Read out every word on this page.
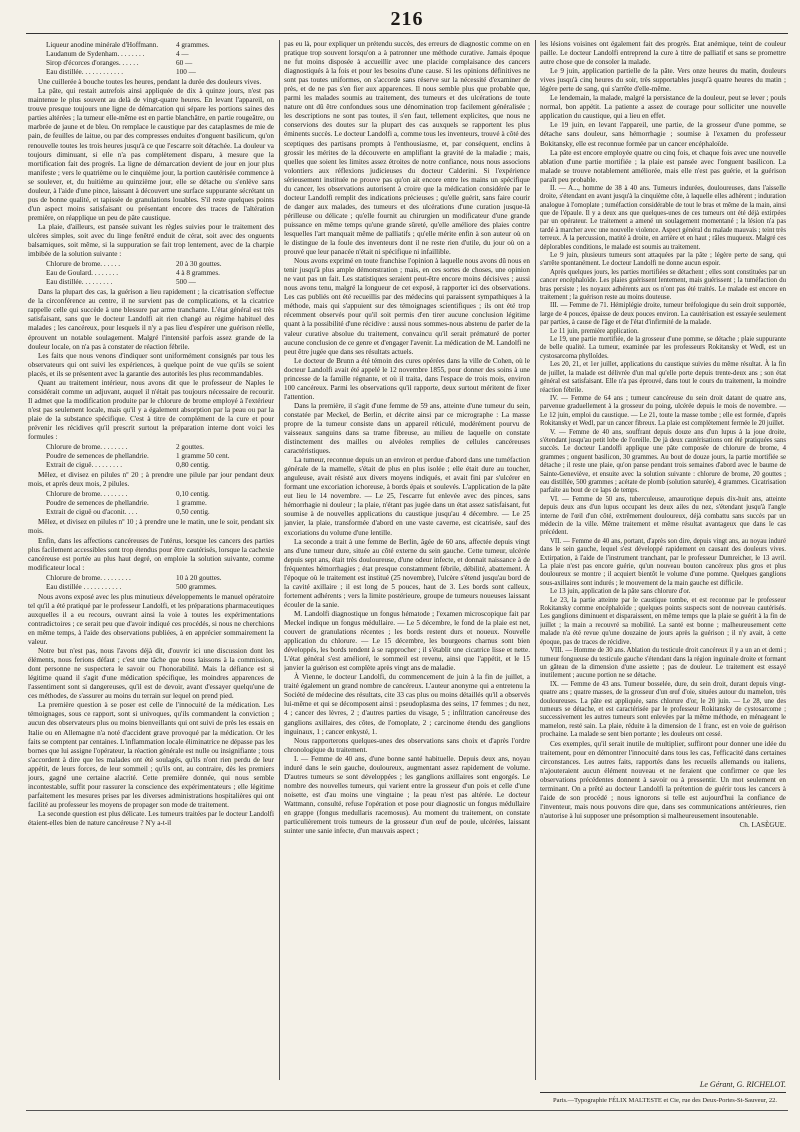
216
Liqueur anodine minérale d'Hoffmann. 4 grammes.
Laudanum de Sydenham. . . . . . . .	4 —
Sirop d'écorces d'oranges. . . . . .	60 —
Eau distillée. . . . . . . . . . . .	100 —

Une cuillerée à bouche toutes les heures, pendant la durée des douleurs vives.

La pâte, qui restait autrefois ainsi appliquée de dix à quinze jours, n'est pas maintenue le plus souvent au delà de vingt-quatre heures. En levant l'appareil, on trouve presque toujours une ligne de démarcation qui sépare les portions saines des parties altérées ; la tumeur elle-même est en partie blanchâtre, en partie rougeâtre, ou marbrée de jaune et de bleu. On remplace le caustique par des cataplasmes de mie de pain, de feuilles de laitue, ou par des compresses enduites d'onguent basilicum, qu'on renouvelle toutes les trois heures jusqu'à ce que l'escarre soit détachée. La douleur va toujours diminuant, si elle n'a pas complètement disparu, à mesure que la mortification fait des progrès. La ligne de démarcation devient de jour en jour plus manifeste ; vers le quatrième ou le cinquième jour, la portion cautérisée commence à se soulever, et, du huitième au quinzième jour, elle se détache ou s'enlève sans douleur, à l'aide d'une pince, laissant à découvert une surface suppurante sécrétant un pus de bonne qualité, et tapissée de granulations louables. S'il reste quelques points d'un aspect moins satisfaisant ou présentant encore des traces de l'altération première, on réapplique un peu de pâte caustique.

La plaie, d'ailleurs, est pansée suivant les règles suivies pour le traitement des ulcères simples, soit avec du linge fenêtré enduit de cérat, soit avec des onguents balsamiques, soit même, si la suppuration se fait trop lentement, avec de la charpie imbibée de la solution suivante :

Chlorure de brome. . . . . .	20 à 30 gouttes.
Eau de Goulard. . . . . . . .	4 à 8 grammes.
Eau distillée. . . . . . . . .	500 —

Dans la plupart des cas, la guérison a lieu rapidement ; la cicatrisation s'effectue de la circonférence au centre, il ne survient pas de complications, et la cicatrice rappelle celle qui succède à une blessure par arme tranchante. L'état général est très satisfaisant, sans que le docteur Landolfi ait rien changé au régime habituel des malades ; les cancéreux, pour lesquels il n'y a pas lieu d'espérer une guérison réelle, éprouvent un notable soulagement. Malgré l'intensité parfois assez grande de la douleur locale, on n'a pas à constater de réaction fébrile.

Les faits que nous venons d'indiquer sont uniformément consignés par tous les observateurs qui ont suivi les expériences, à quelque point de vue qu'ils se soient placés, et ils se présentent avec la garantie des autorités les plus recommandables.

Quant au traitement intérieur, nous avons dit que le professeur de Naples le considérait comme un adjuvant, auquel il n'était pas toujours nécessaire de recourir. Il admet que la modification produite par le chlorure de brome employé à l'extérieur n'est pas seulement locale, mais qu'il y a également absorption par la peau ou par la plaie de la substance spécifique. C'est à titre de complément de la cure et pour prévenir les récidives qu'il prescrit surtout la préparation interne dont voici les formules :

Chlorure de brome. . . . . . . .	2 gouttes.
Poudre de semences de phellandrie.	1 gramme 50 cent.
Extrait de ciguë. . . . . . . . .	0,80 centig.

Mêlez, et divisez en pilules nº 20 ; à prendre une pilule par jour pendant deux mois, et après deux mois, 2 pilules.

Chlorure de brome. . . . . . . .	0,10 centig.
Poudre de semences de phellandrie.	1 gramme.
Extrait de ciguë ou d'aconit. . . .	0,50 centig.

Mêlez, et divisez en pilules nº 10 ; à prendre une le matin, une le soir, pendant six mois.

Enfin, dans les affections cancéreuses de l'utérus, lorsque les cancers des parties plus facilement accessibles sont trop étendus pour être cautérisés, lorsque la cachexie cancéreuse est portée au plus haut degré, on emploie la solution suivante, comme modificateur local :

Chlorure de brome. . . . . . . . .	10 à 20 gouttes.
Eau distillée . . . . . . . . . . .	500 grammes.

Nous avons exposé avec les plus minutieux développements le manuel opératoire tel qu'il a été pratiqué par le professeur Landolfi, et les préparations pharmaceutiques auxquelles il a eu recours, ouvrant ainsi la voie à toutes les expérimentations contradictoires ; ce serait peu que d'avoir indiqué ces procédés, si nous ne cherchions en même temps, à l'aide des observations publiées, à en apprécier sommairement la valeur.

Notre but n'est pas, nous l'avons déjà dit, d'ouvrir ici une discussion dont les éléments, nous ferions défaut ; c'est une tâche que nous laissons à la commission, dont personne ne suspectera le savoir ou l'honorabilité. Mais la défiance est si légitime quand il s'agit d'une médication spécifique, les moindres apparences de l'assentiment sont si dangereuses, qu'il est de devoir, avant d'essayer quelqu'une de ces méthodes, de s'assurer au moins du terrain sur lequel on prend pied.

La première question à se poser est celle de l'innocuité de la médication. Les témoignages, sous ce rapport, sont si univoques, qu'ils commandent la conviction ; aucun des observateurs plus ou moins bienveillants qui ont suivi de près les essais en Italie ou en Allemagne n'a noté d'accident grave provoqué par la médication. Or les faits se comptent par centaines. L'inflammation locale éliminatrice ne dépasse pas les bornes que lui assigne l'opérateur, la réaction générale est nulle ou insignifiante ; tous s'accordent à dire que les malades ont été soulagés, qu'ils n'ont rien perdu de leur appétit, de leurs forces, de leur sommeil ; qu'ils ont, au contraire, dès les premiers jours, gagné une certaine alacrité. Cette première donnée, qui nous semble incontestable, suffit pour rassurer la conscience des expérimentateurs ; elle légitime parfaitement les mesures prises par les diverses administrations hospitalières qui ont facilité au professeur les moyens de propager son mode de traitement.

La seconde question est plus délicate. Les tumeurs traitées par le docteur Landolfi étaient-elles bien de nature cancéreuse ? N'y a-t-il

pas eu là, pour expliquer un prétendu succès, des erreurs de diagnostic comme on en pratique trop souvent lorsqu'on a à patronner une méthode curative. Jamais époque ne fut moins disposée à accueillir avec une placide complaisance des cancers diagnostiqués à la fois et pour les besoins d'une cause. Si les opinions définitives ne sont pas toutes uniformes, on s'accorde sans réserve sur la nécessité d'examiner de près, et de ne pas s'en fier aux apparences. Il nous semble plus que probable que, parmi les malades soumis au traitement, des tumeurs et des ulcérations de toute nature ont dû être confondues sous une dénomination trop facilement généralisée ; les descriptions ne sont pas toutes, il s'en faut, tellement explicites, que nous ne conservions des doutes sur la plupart des cas auxquels se rapportent les plus éminents succès. Le docteur Landolfi a, comme tous les inventeurs, trouvé à côté des sceptiques des partisans prompts à l'enthousiasme, et, par conséquent, enclins à grossir les mérites de la découverte en amplifiant la gravité de la maladie ; mais, quelles que soient les limites assez étroites de notre confiance, nous nous associons volontiers aux réflexions judicieuses du docteur Calderini. Si l'expérience sérieusement instituée ne prouve pas qu'on ait encore entre les mains un spécifique du cancer, les observations autorisent à croire que la médication considérée par le docteur Landolfi remplit des indications précieuses ; qu'elle guérit, sans faire courir de danger aux malades, des tumeurs et des ulcérations d'une curation jusque-là périlleuse ou délicate ; qu'elle fournit au chirurgien un modificateur d'une grande puissance en même temps qu'une grande sûreté, qu'elle améliore des plaies contre lesquelles l'art manquait même de palliatifs ; qu'elle mérite enfin à son auteur où on le distingue de la foule des inventeurs dont il ne reste rien d'utile, du jour où on a prouvé que leur panacée n'était ni spécifique ni infaillible.

Nous avons exprimé en toute franchise l'opinion à laquelle nous avons dû nous en tenir jusqu'à plus ample démonstration ; mais, en ces sortes de choses, une opinion ne vaut pas un fait. Les statistiques seraient peut-être encore moins décisives ; aussi nous avons tenu, malgré la longueur de cet exposé, à rapporter ici des observations. Les cas publiés ont été recueillis par des médecins qui paraissent sympathiques à la méthode, mais qui s'appuient sur des témoignages scientifiques ; ils ont été trop récemment observés pour qu'il soit permis d'en tirer aucune conclusion légitime quant à la possibilité d'une récidive : aussi nous sommes-nous abstenu de parler de la valeur curative absolue du traitement, convaincu qu'il serait prématuré de porter aucune conclusion de ce genre et d'engager l'avenir. La médication de M. Landolfi ne peut être jugée que dans ses résultats actuels.

Le docteur de Brunn a été témoin des cures opérées dans la ville de Cohen, où le docteur Landolfi avait été appelé le 12 novembre 1855, pour donner des soins à une princesse de la famille régnante, et où il traita, dans l'espace de trois mois, environ 100 cancéreux. Parmi les observations qu'il rapporte, deux surtout méritent de fixer l'attention.

Dans la première, il s'agit d'une femme de 59 ans, atteinte d'une tumeur du sein, constatée par Meckel, de Berlin, et décrite ainsi par ce micrographe : La masse propre de la tumeur consiste dans un appareil réticulé, modérément pourvu de vaisseaux sanguins dans sa trame fibreuse, au milieu de laquelle on constate distinctement des mailles ou alvéoles remplies de cellules cancéreuses caractéristiques.

La tumeur, reconnue depuis un an environ et perdue d'abord dans une tuméfaction générale de la mamelle, s'était de plus en plus isolée ; elle était dure au toucher, anguleuse, avait résisté aux divers moyens indiqués, et avait fini par s'ulcérer en formant une excoriation ichoreuse, à bords épais et soulevés. L'application de la pâte eut lieu le 14 novembre. — Le 25, l'escarre fut enlevée avec des pinces, sans hémorrhagie ni douleur ; la plaie, n'étant pas jugée dans un état assez satisfaisant, fut soumise à de nouvelles applications du caustique jusqu'au 4 décembre. — Le 25 janvier, la plaie, transformée d'abord en une vaste caverne, est cicatrisée, sauf des excoriations du volume d'une lentille.

La seconde a trait à une femme de Berlin, âgée de 60 ans, affectée depuis vingt ans d'une tumeur dure, située au côté externe du sein gauche. Cette tumeur, ulcérée depuis sept ans, était très douloureuse, d'une odeur infecte, et donnait naissance à de fréquentes hémorrhagies ; état presque constamment fébrile, débilité, abattement. À l'époque où le traitement est institué (25 novembre), l'ulcère s'étend jusqu'au bord de la cavité axillaire ; il est long de 5 pouces, haut de 3. Les bords sont calleux, fortement adhérents ; vers la limite postérieure, groupe de tumeurs noueuses laissant écouler de la sanie.

M. Landolfi diagnostique un fongus hématode ; l'examen microscopique fait par Meckel indique un fongus médullaire. — Le 5 décembre, le fond de la plaie est net, couvert de granulations récentes ; les bords restent durs et noueux. Nouvelle application du chlorure. — Le 15 décembre, les bourgeons charnus sont bien développés, les bords tendent à se rapprocher ; il s'établit une cicatrice lisse et nette. L'état général s'est amélioré, le sommeil est revenu, ainsi que l'appétit, et le 15 janvier la guérison est complète après vingt ans de maladie.

À Vienne, le docteur Landolfi, du commencement de juin à la fin de juillet, a traité également un grand nombre de cancéreux. L'auteur anonyme qui a entretenu la Société de médecine des résultats, cite 33 cas plus ou moins détaillés qu'il a observés lui-même et qui se décomposent ainsi : pseudoplasma des seins, 17 femmes ; du nez, 4 ; cancer des lèvres, 2 ; d'autres parties du visage, 5 ; infiltration cancéreuse des ganglions axillaires, des côtes, de l'omoplate, 2 ; carcinome étendu des ganglions inguinaux, 1 ; cancer enkysté, 1.

Nous rapporterons quelques-unes des observations sans choix et d'après l'ordre chronologique du traitement.

I. — Femme de 40 ans, d'une bonne santé habituelle. Depuis deux ans, noyau induré dans le sein gauche, douloureux, augmentant assez rapidement de volume. D'autres tumeurs se sont développées ; les ganglions axillaires sont engorgés. Le nombre des nouvelles tumeurs, qui varient entre la grosseur d'un pois et celle d'une noisette, est d'au moins une vingtaine ; la peau n'est pas altérée. Le docteur Wattmann, consulté, refuse l'opération et pose pour diagnostic un fongus médullaire en grappe (fongus medullaris racemosus). Au moment du traitement, on constate particulièrement trois tumeurs de la grosseur d'un œuf de poule, ulcérées, laissant suinter une sanie infecte, d'un mauvais aspect ;

les lésions voisines ont également fait des progrès. État anémique, teint de couleur paille. Le docteur Landolfi entreprend la cure à titre de palliatif et sans se promettre autre chose que de consoler la malade.

Le 9 juin, application partielle de la pâte. Vers onze heures du matin, douleurs vives jusqu'à cinq heures du soir, très supportables jusqu'à quatre heures du matin ; légère perte de sang, qui s'arrête d'elle-même.

Le lendemain, la malade, malgré la persistance de la douleur, peut se lever ; pouls normal, bon appétit. La patiente a assez de courage pour solliciter une nouvelle application du caustique, qui a lieu en effet.

Le 19 juin, en levant l'appareil, une partie, de la grosseur d'une pomme, se détache sans douleur, sans hémorrhagie ; soumise à l'examen du professeur Bokitansky, elle est reconnue formée par un cancer encéphaloïde.

La pâte est encore employée quatre ou cinq fois, et chaque fois avec une nouvelle ablation d'une partie mortifiée ; la plaie est pansée avec l'onguent basilicon. La malade se trouve notablement améliorée, mais elle n'est pas guérie, et la guérison paraît peu probable.

II. — A..., homme de 38 à 40 ans. Tumeurs indurées, douloureuses, dans l'aisselle droite, s'étendant en avant jusqu'à la cinquième côte, à laquelle elles adhèrent ; induration analogue à l'omoplate ; tuméfaction considérable de tout le bras et même de la main, ainsi que de l'épaule. Il y a deux ans que quelques-unes de ces tumeurs ont été déjà extirpées par un opérateur. Le traitement a amené un soulagement momentané ; la lésion n'a pas tardé à marcher avec une nouvelle violence. Aspect général du malade mauvais ; teint très terreux. À la percussion, matité à droite, en arrière et en haut ; râles muqueux. Malgré ces déplorables conditions, le malade est soumis au traitement.

Le 9 juin, plusieurs tumeurs sont attaquées par la pâte ; légère perte de sang, qui s'arrête spontanément. Le docteur Landolfi ne donne aucun espoir.

Après quelques jours, les parties mortifiées se détachent ; elles sont constituées par un cancer encéphaloïde. Les plaies guérissent lentement, mais guérissent ; la tuméfaction du bras persiste ; les noyaux adhérents aux os n'ont pas été traités. Le malade est encore en traitement ; la guérison reste au moins douteuse.

III. — Femme de 71. Hémiplégie droite, tumeur bréfologique du sein droit supportée, large de 4 pouces, épaisse de deux pouces environ. La cautérisation est essayée seulement par parties, à cause de l'âge et de l'état d'infirmité de la malade.

Le 11 juin, première application.

Le 19, une partie mortifiée, de la grosseur d'une pomme, se détache ; plaie suppurante de belle qualité. La tumeur, examinée par les professeurs Rokitansky et Wedl, est un cystosarcoma phylloïdes.

Les 20, 21, et 1er juillet, applications du caustique suivies du même résultat. À la fin de juillet, la malade est délivrée d'un mal qu'elle porte depuis trente-deux ans ; son état général est satisfaisant. Elle n'a pas éprouvé, dans tout le cours du traitement, la moindre réaction fébrile.

IV. — Femme de 64 ans ; tumeur cancéreuse du sein droit datant de quatre ans, parvenue graduellement à la grosseur du poing, ulcérée depuis le mois de novembre. — Le 12 juin, emploi du caustique. — Le 21, toute la masse tombe ; elle est formée, d'après Rokitansky et Wedl, par un cancer fibreux. La plaie est complètement fermée le 20 juillet.

V. — Femme de 40 ans, souffrant depuis douze ans d'un lupus à la joue droite, s'étendant jusqu'au petit lobe de l'oreille. De jà deux cautérisations ont été pratiquées sans succès. Le docteur Landolfi applique une pâte composée de chlorure de brome, 4 grammes ; onguent basilicon, 30 grammes. Au bout de douze jours, la partie mortifiée se détache ; il reste une plaie, qu'on panse pendant trois semaines d'abord avec le baume de Sainte-Geneviève, et ensuite avec la solution suivante : chlorure de brome, 20 gouttes ; eau distillée, 500 grammes ; acétate de plomb (solution saturée), 4 grammes. Cicatrisation parfaite au bout de ce laps de temps.

VI. — Femme de 50 ans, tuberculeuse, amaurotique depuis dix-huit ans, atteinte depuis deux ans d'un lupus occupant les deux ailes du nez, s'étendant jusqu'à l'angle interne de l'œil d'un côté, extrêmement douloureux, déjà combattu sans succès par un médecin de la ville. Même traitement et même résultat avantageux que dans le cas précédent.

VII. — Femme de 40 ans, portant, d'après son dire, depuis vingt ans, au noyau induré dans le sein gauche, lequel s'est développé rapidement en causant des douleurs vives. Extirpation, à l'aide de l'instrument tranchant, par le professeur Dumreicher, le 13 avril. La plaie n'est pas encore guérie, qu'un nouveau bouton cancéreux plus gros et plus douloureux se montre ; il acquiert bientôt le volume d'une pomme. Quelques ganglions sous-axillaires sont indurés ; le mouvement de la main gauche est difficile.

Le 13 juin, application de la pâte sans chlorure d'or.

Le 23, la partie atteinte par le caustique tombe, et est reconnue par le professeur Rokitansky comme encéphaloïde ; quelques points suspects sont de nouveau cautérisés. Les ganglions diminuent et disparaissent, en même temps que la plaie se guérit à la fin de juillet ; la main a recouvré sa mobilité. La santé est bonne ; malheureusement cette malade n'a été revue qu'une douzaine de jours après la guérison ; il n'y avait, à cette époque, pas de traces de récidive.

VIII. — Homme de 30 ans. Ablation du testicule droit cancéreux il y a un an et demi ; tumeur fongueuse du testicule gauche s'étendant dans la région inguinale droite et formant un gâteau de la dimension d'une assiette ; pas de douleur. Le traitement est essayé inutilement ; aucune portion ne se détache.

IX. — Femme de 43 ans. Tumeur bosselée, dure, du sein droit, durant depuis vingt-quatre ans ; quatre masses, de la grosseur d'un œuf d'oie, situées autour du mamelon, très douloureuses. La pâte est appliquée, sans chlorure d'or, le 20 juin. — Le 28, une des tumeurs se détache, et est caractérisée par le professeur Rokitansky de cystosarcome ; successivement les autres tumeurs sont enlevées par la même méthode, en ménageant le mamelon, resté sain. La plaie, réduite à la dimension de 1 franc, est en voie de guérison prochaine. La malade se sent bien portante ; les douleurs ont cessé.

Ces exemples, qu'il serait inutile de multiplier, suffiront pour donner une idée du traitement, pour en démontrer l'innocuité dans tous les cas, l'efficacité dans certaines circonstances. Les autres faits, rapportés dans les recueils allemands ou italiens, n'ajouteraient aucun élément nouveau et ne feraient que confirmer ce que les observations précédentes donnent à savoir ou à pressentir. Un mot seulement en terminant. On a prêté au docteur Landolfi la prétention de guérir tous les cancers à l'aide de son procédé ; nous ignorons si telle est aujourd'hui la confiance de l'inventeur, mais nous pouvons dire que, dans ses communications antérieures, rien n'autorise à lui supposer une présomption si malheureusement insoutenable.

Ch. LASÈGUE.

Le Gérant, G. RICHELOT.
Paris.—Typographie FÉLIX MALTESTE et Cie, rue des Deux-Portes-St-Sauveur, 22.
